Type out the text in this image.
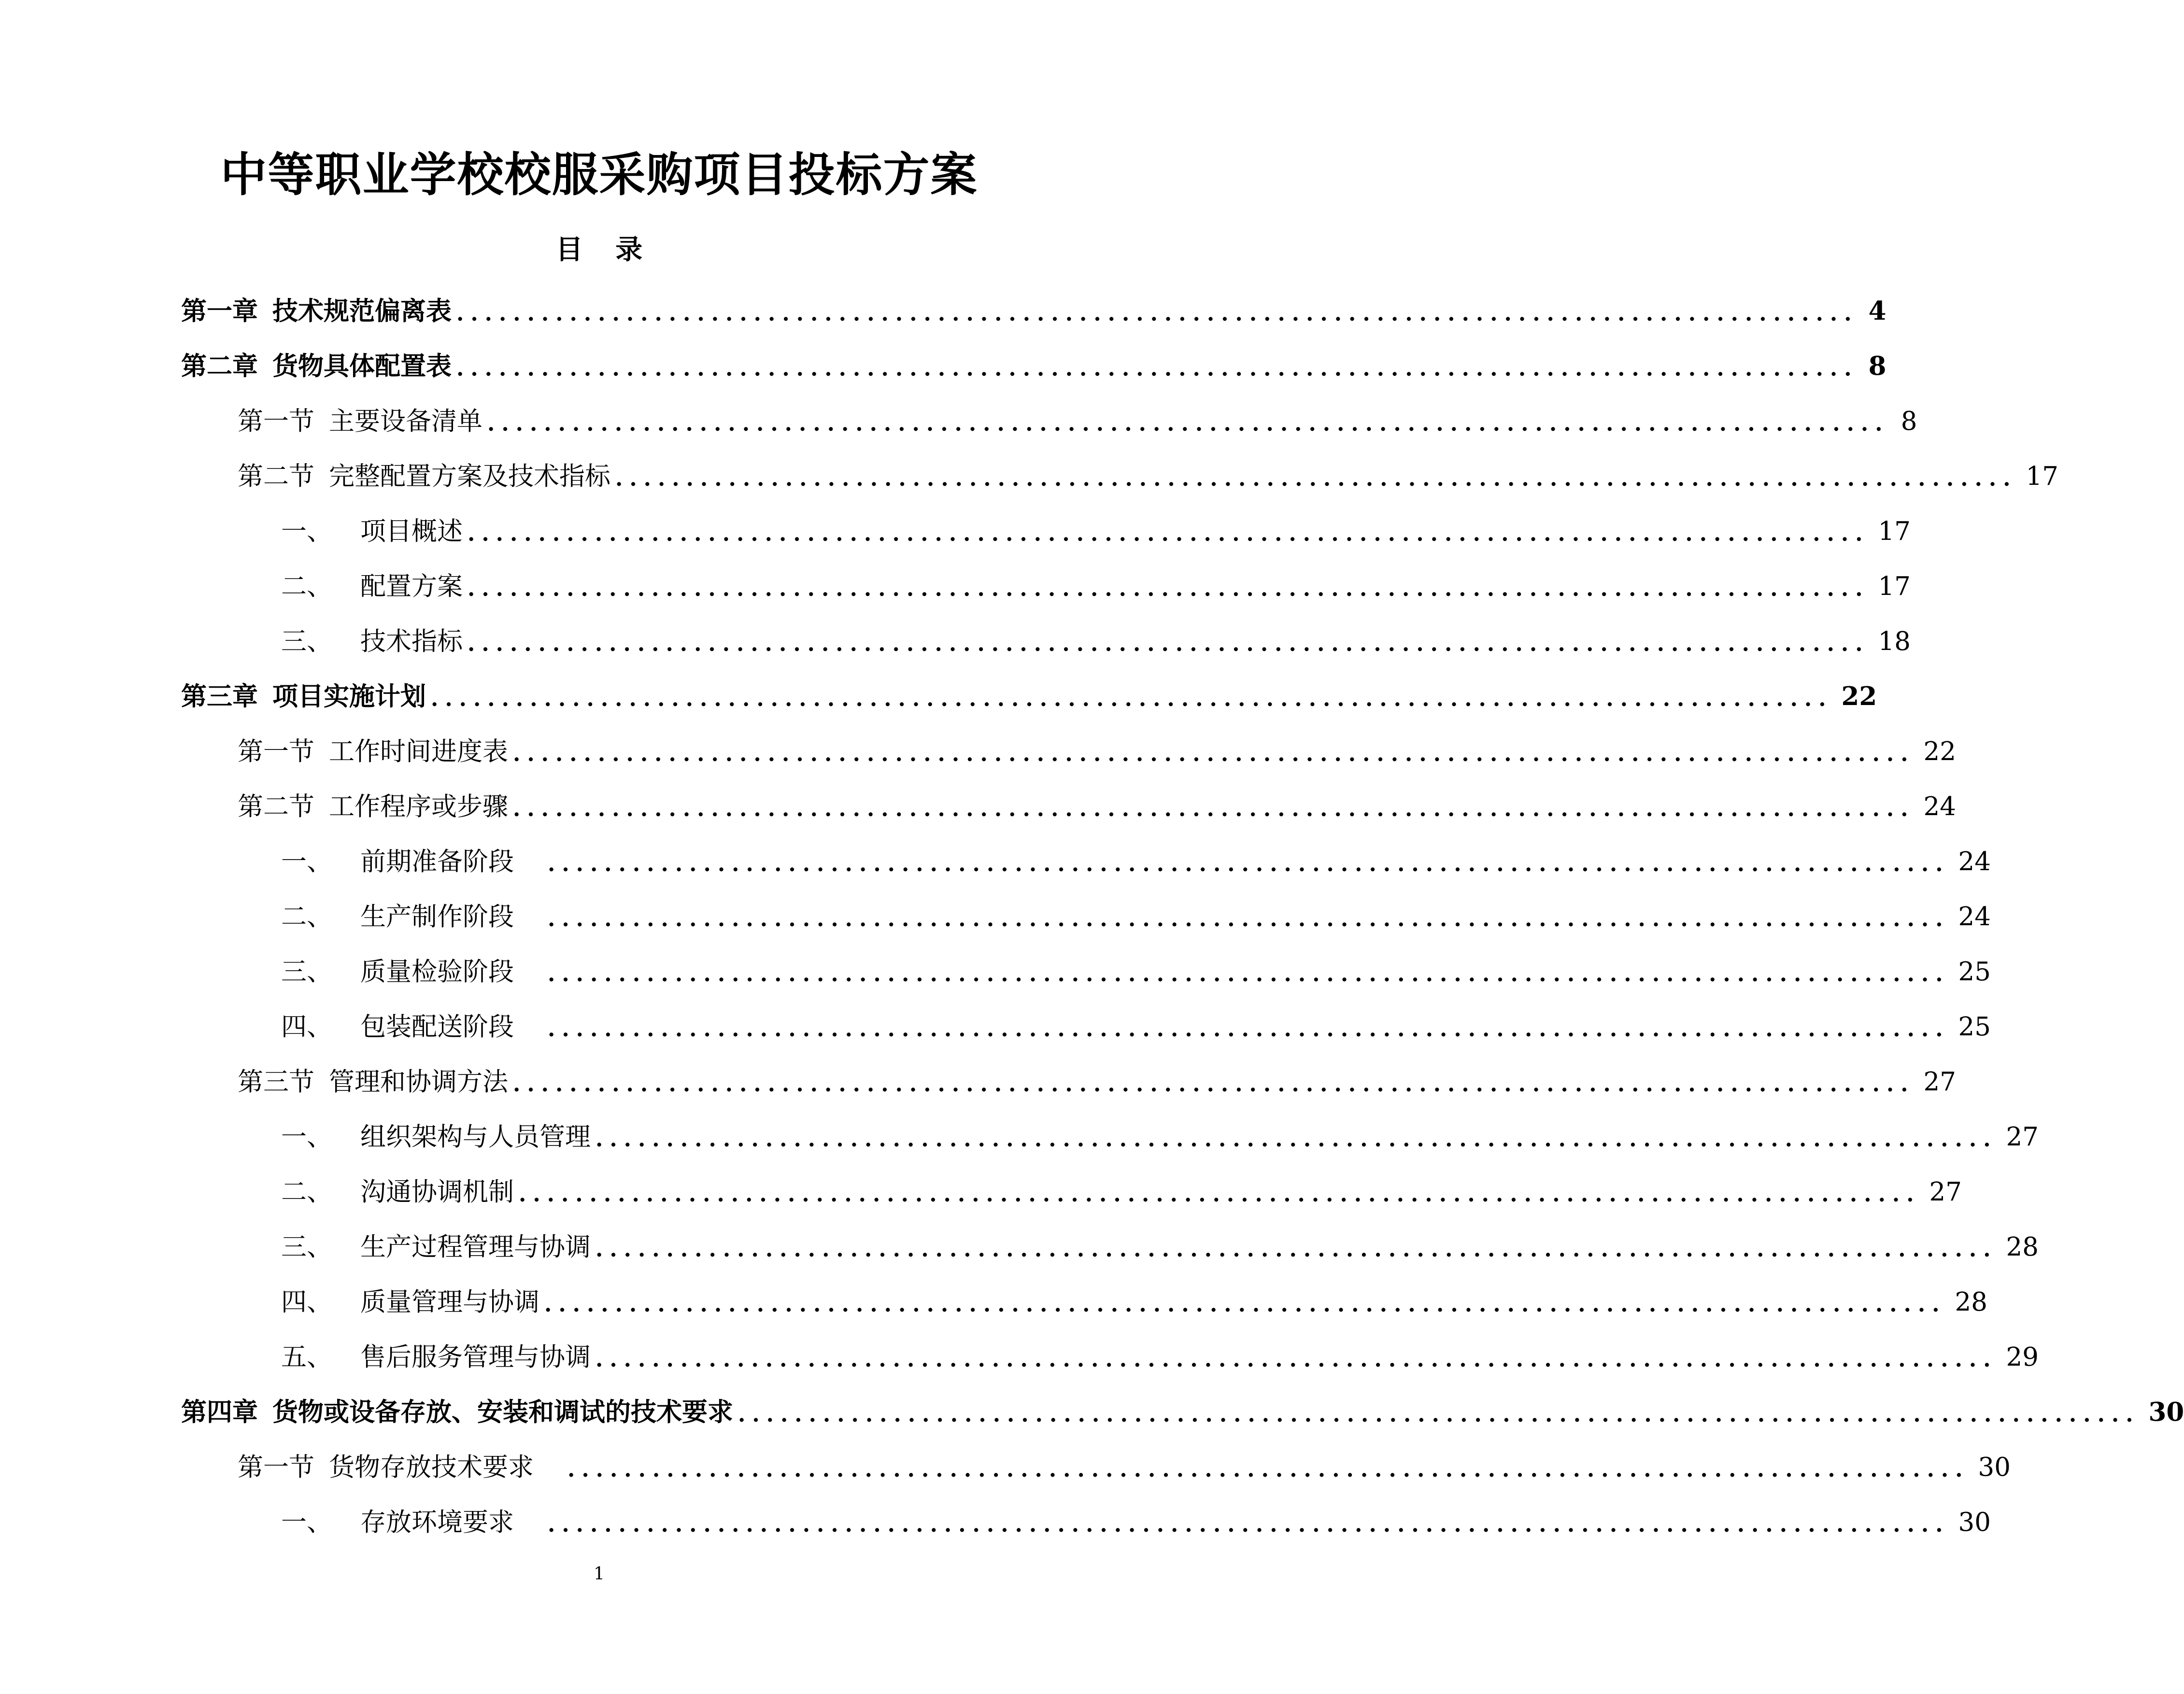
中等职业学校校服采购项目投标方案
目 录
第一章 技术规范偏离表 ................................................................................................... 4
第二章 货物具体配置表 ................................................................................................... 8
第一节 主要设备清单 ................................................................................................... 8
第二节 完整配置方案及技术指标 ................................................................................................... 17
一、 项目概述 ................................................................................................... 17
二、 配置方案 ................................................................................................... 17
三、 技术指标 ................................................................................................... 18
第三章 项目实施计划 ................................................................................................... 22
第一节 工作时间进度表 ................................................................................................... 22
第二节 工作程序或步骤 ................................................................................................... 24
一、 前期准备阶段 ................................................................................................... 24
二、 生产制作阶段 ................................................................................................... 24
三、 质量检验阶段 ................................................................................................... 25
四、 包装配送阶段 ................................................................................................... 25
第三节 管理和协调方法 ................................................................................................... 27
一、 组织架构与人员管理 ................................................................................................... 27
二、 沟通协调机制 ................................................................................................... 27
三、 生产过程管理与协调 ................................................................................................... 28
四、 质量管理与协调 ................................................................................................... 28
五、 售后服务管理与协调 ................................................................................................... 29
第四章 货物或设备存放、安装和调试的技术要求 ................................................................................................... 30
第一节 货物存放技术要求 ................................................................................................... 30
一、 存放环境要求 ................................................................................................... 30
1
